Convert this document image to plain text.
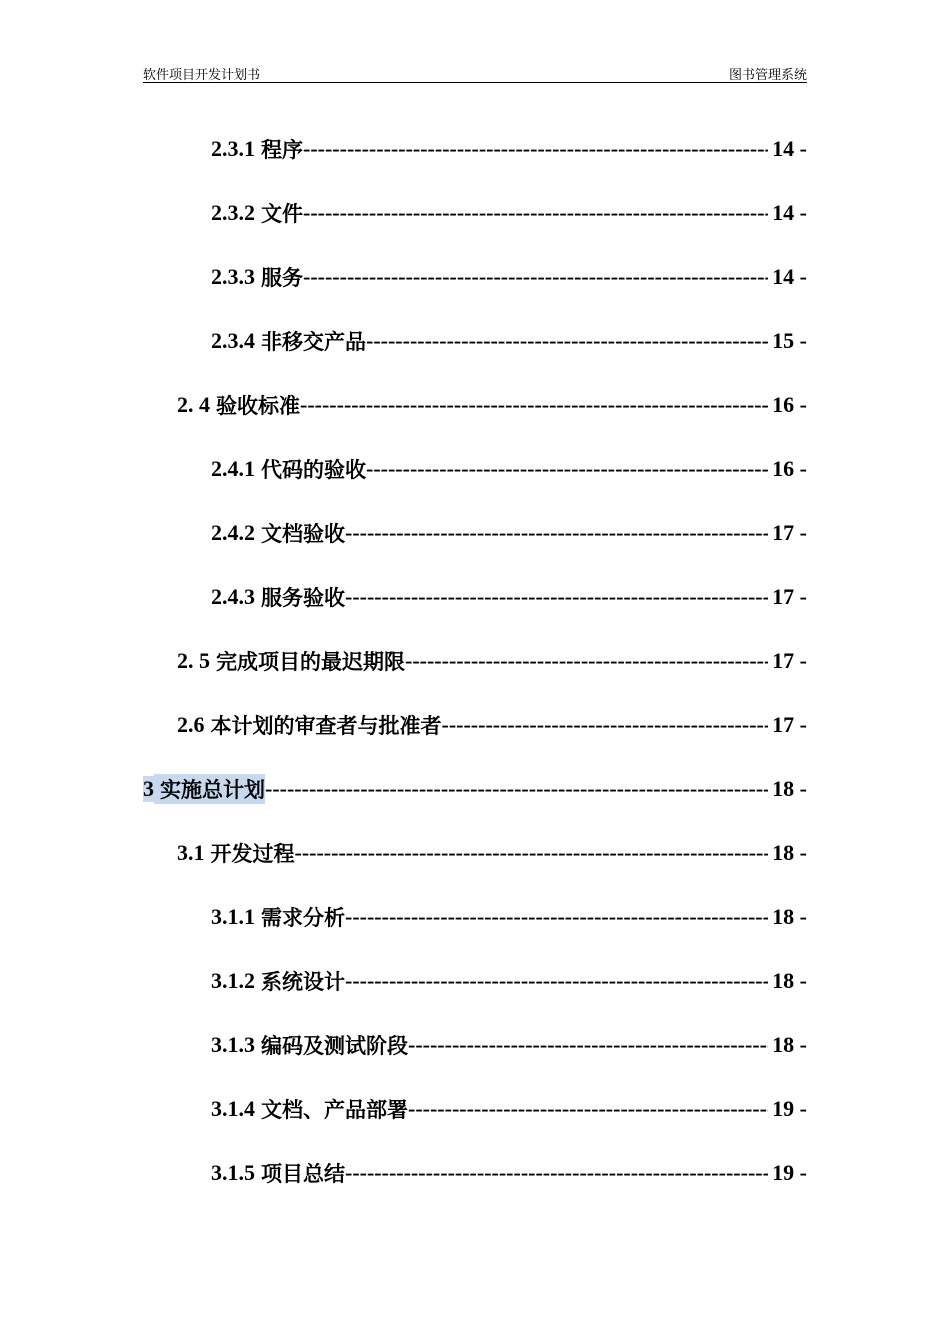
软件项目开发计划书	图书管理系统
2.3.1 程序 -----	14 -
2.3.2 文件 -----	14 -
2.3.3 服务 -----	14 -
2.3.4 非移交产品 -----	15 -
2. 4 验收标准 -----	16 -
2.4.1 代码的验收 -----	16 -
2.4.2 文档验收 -----	17 -
2.4.3 服务验收 -----	17 -
2. 5 完成项目的最迟期限 -----	17 -
2.6 本计划的审查者与批准者 -----	17 -
3 实施总计划 -----	18 -
3.1 开发过程 -----	18 -
3.1.1 需求分析 -----	18 -
3.1.2 系统设计 -----	18 -
3.1.3 编码及测试阶段 -----	18 -
3.1.4 文档、产品部署 -----	19 -
3.1.5 项目总结 -----	19 -
